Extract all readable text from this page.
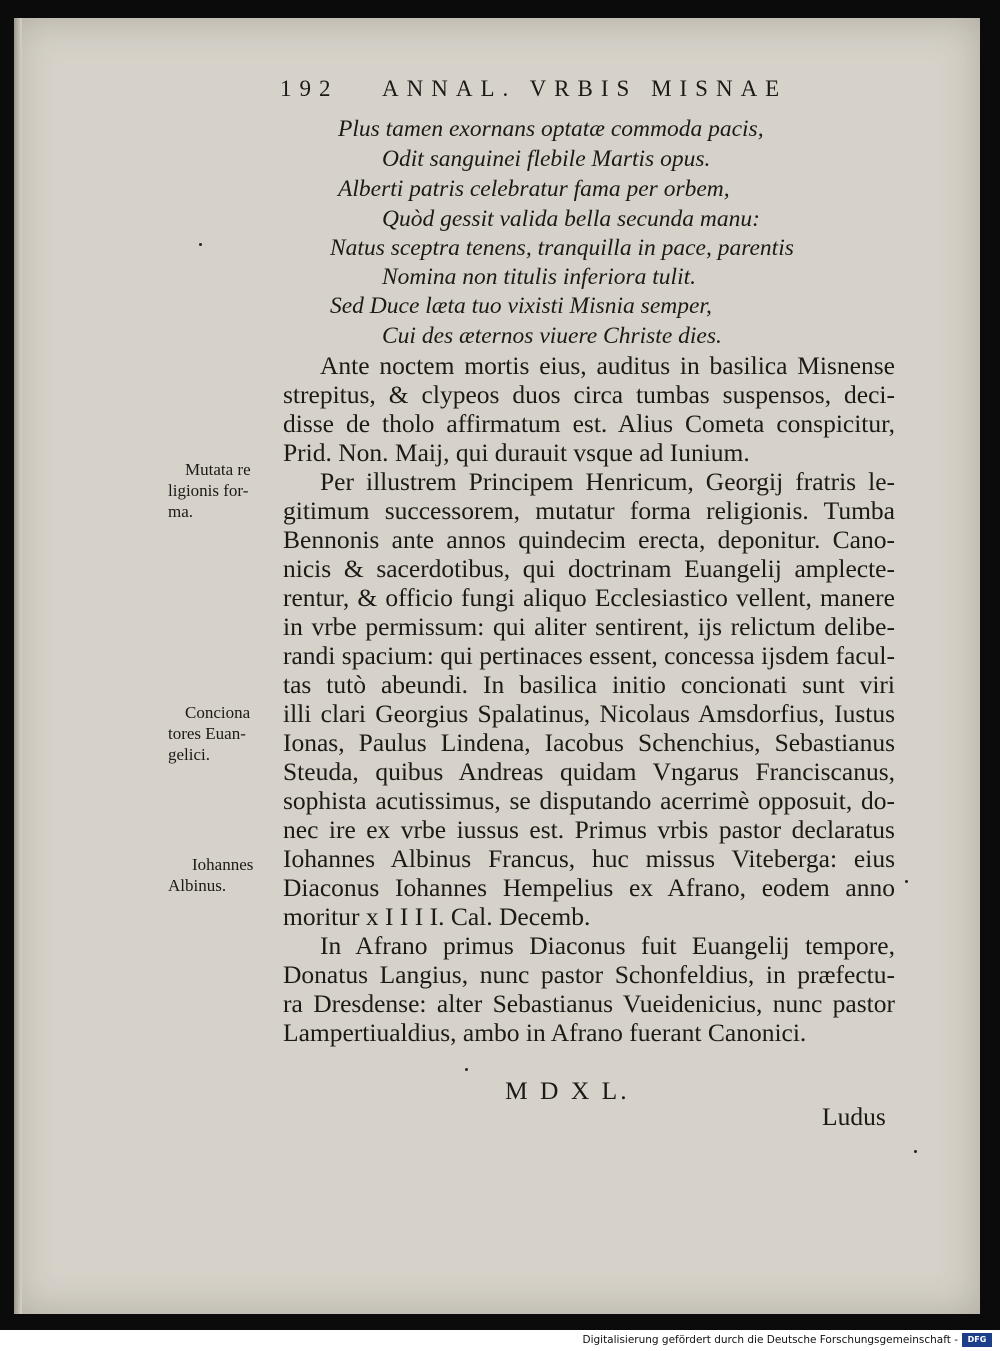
192 ANNAL. VRBIS MISNAE
Plus tamen exornans optatæ commoda pacis,
Odit sanguinei flebile Martis opus.
Alberti patris celebratur fama per orbem,
Quòd gessit valida bella secunda manu:
Natus sceptra tenens, tranquilla in pace, parentis
Nomina non titulis inferiora tulit.
Sed Duce læta tuo vixisti Misnia semper,
Cui des æternos viuere Christe dies.
Ante noctem mortis eius, auditus in basilica Misnense
strepitus, & clypeos duos circa tumbas suspensos, deci-
disse de tholo affirmatum est. Alius Cometa conspicitur,
Prid. Non. Maij, qui durauit vsque ad Iunium.
Per illustrem Principem Henricum, Georgij fratris le-
gitimum successorem, mutatur forma religionis. Tumba
Bennonis ante annos quindecim erecta, deponitur. Cano-
nicis & sacerdotibus, qui doctrinam Euangelij amplecte-
rentur, & officio fungi aliquo Ecclesiastico vellent, manere
in vrbe permissum: qui aliter sentirent, ijs relictum delibe-
randi spacium: qui pertinaces essent, concessa ijsdem facul-
tas tutò abeundi. In basilica initio concionati sunt viri
illi clari Georgius Spalatinus, Nicolaus Amsdorfius, Iustus
Ionas, Paulus Lindena, Iacobus Schenchius, Sebastianus
Steuda, quibus Andreas quidam Vngarus Franciscanus,
sophista acutissimus, se disputando acerrimè opposuit, do-
nec ire ex vrbe iussus est. Primus vrbis pastor declaratus
Iohannes Albinus Francus, huc missus Viteberga: eius
Diaconus Iohannes Hempelius ex Afrano, eodem anno
moritur x I I I I. Cal. Decemb.
In Afrano primus Diaconus fuit Euangelij tempore,
Donatus Langius, nunc pastor Schonfeldius, in præfectu-
ra Dresdense: alter Sebastianus Vueidenicius, nunc pastor
Lampertiualdius, ambo in Afrano fuerant Canonici.
Mutata re
ligionis for-
ma.
Conciona
tores Euan-
gelici.
Iohannes
Albinus.
M D X L.
Ludus
Digitalisierung gefördert durch die Deutsche Forschungsgemeinschaft -	DFG
